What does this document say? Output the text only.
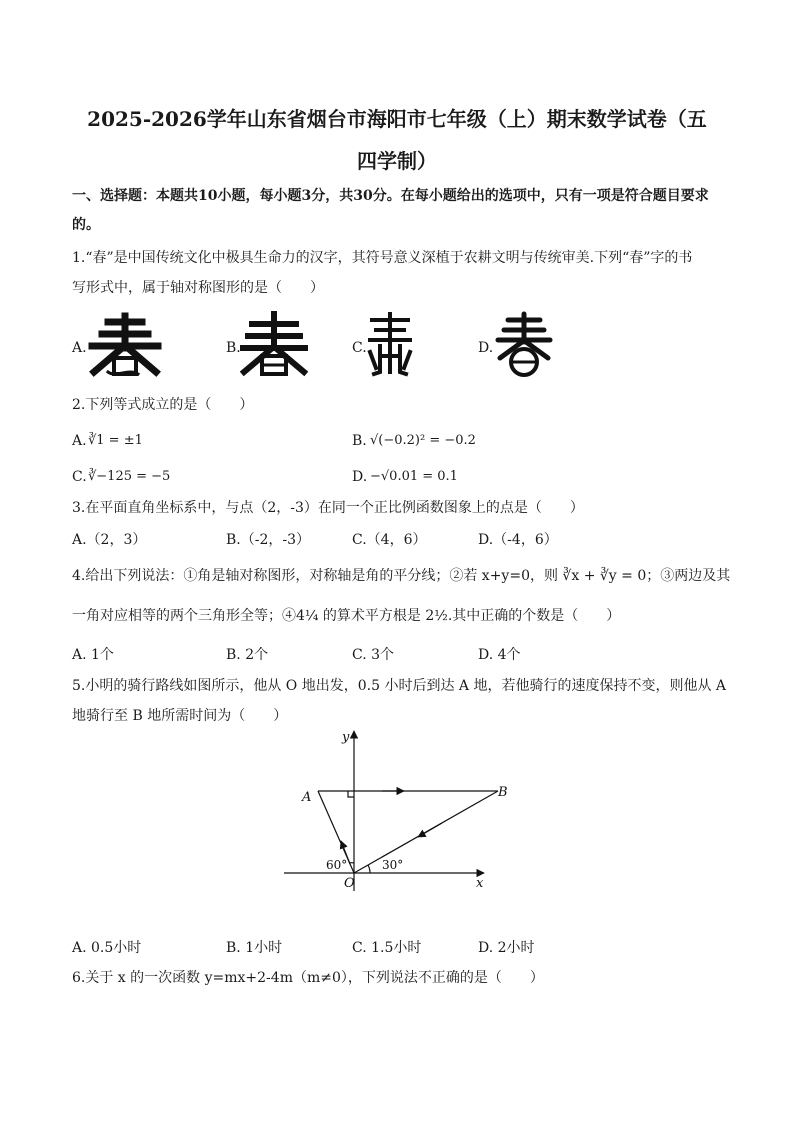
2025-2026学年山东省烟台市海阳市七年级（上）期末数学试卷（五
四学制）
一、选择题：本题共10小题，每小题3分，共30分。在每小题给出的选项中，只有一项是符合题目要求
的。
1.“春”是中国传统文化中极具生命力的汉字，其符号意义深植于农耕文明与传统审美.下列“春”字的书
写形式中，属于轴对称图形的是（　　）
A.	B.	C.	D.
2.下列等式成立的是（　　）
A. ∛1 = ±1	B. √(−0.2)² = −0.2
C. ∛−125 = −5	D. −√0.01 = 0.1
3.在平面直角坐标系中，与点（2，-3）在同一个正比例函数图象上的点是（　　）
A.（2，3）	B.（-2，-3）	C.（4，6）	D.（-4，6）
4.给出下列说法：①角是轴对称图形，对称轴是角的平分线；②若 x+y=0，则 ∛x + ∛y = 0；③两边及其
一角对应相等的两个三角形全等；④4¼ 的算术平方根是 2½.其中正确的个数是（　　）
A. 1个	B. 2个	C. 3个	D. 4个
5.小明的骑行路线如图所示，他从 O 地出发，0.5 小时后到达 A 地，若他骑行的速度保持不变，则他从 A
地骑行至 B 地所需时间为（　　）
y
x
A	B
O
60°	30°
A. 0.5小时	B. 1小时	C. 1.5小时	D. 2小时
6.关于 x 的一次函数 y=mx+2-4m（m≠0），下列说法不正确的是（　　）
